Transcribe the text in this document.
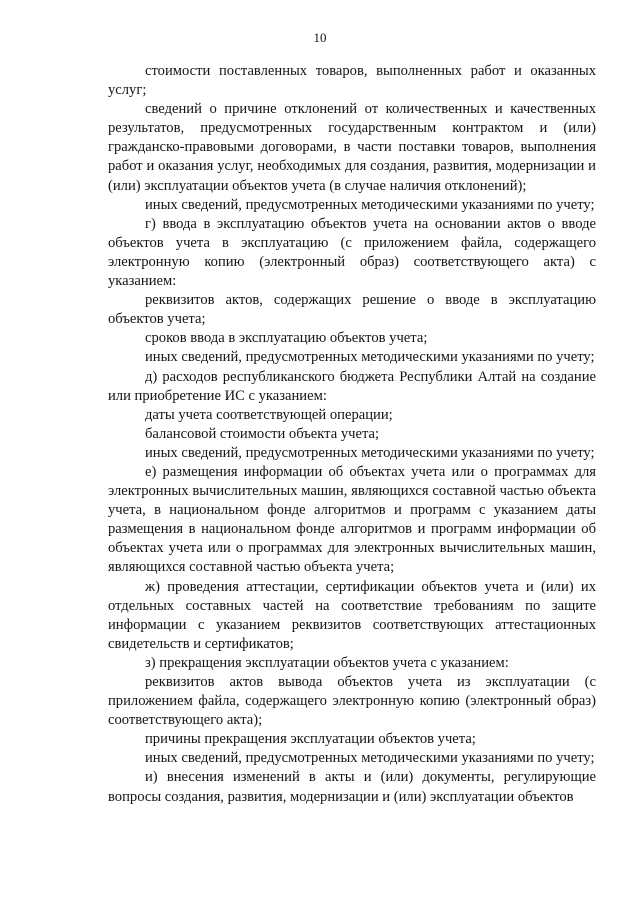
10

стоимости поставленных товаров, выполненных работ и оказанных услуг;

сведений о причине отклонений от количественных и качественных результатов, предусмотренных государственным контрактом и (или) гражданско-правовыми договорами, в части поставки товаров, выполнения работ и оказания услуг, необходимых для создания, развития, модернизации и (или) эксплуатации объектов учета (в случае наличия отклонений);

иных сведений, предусмотренных методическими указаниями по учету;

г) ввода в эксплуатацию объектов учета на основании актов о вводе объектов учета в эксплуатацию (с приложением файла, содержащего электронную копию (электронный образ) соответствующего акта) с указанием:

реквизитов актов, содержащих решение о вводе в эксплуатацию объектов учета;

сроков ввода в эксплуатацию объектов учета;

иных сведений, предусмотренных методическими указаниями по учету;

д) расходов республиканского бюджета Республики Алтай на создание или приобретение ИС с указанием:

даты учета соответствующей операции;

балансовой стоимости объекта учета;

иных сведений, предусмотренных методическими указаниями по учету;

е) размещения информации об объектах учета или о программах для электронных вычислительных машин, являющихся составной частью объекта учета, в национальном фонде алгоритмов и программ с указанием даты размещения в национальном фонде алгоритмов и программ информации об объектах учета или о программах для электронных вычислительных машин, являющихся составной частью объекта учета;

ж) проведения аттестации, сертификации объектов учета и (или) их отдельных составных частей на соответствие требованиям по защите информации с указанием реквизитов соответствующих аттестационных свидетельств и сертификатов;

з) прекращения эксплуатации объектов учета с указанием:

реквизитов актов вывода объектов учета из эксплуатации (с приложением файла, содержащего электронную копию (электронный образ) соответствующего акта);

причины прекращения эксплуатации объектов учета;

иных сведений, предусмотренных методическими указаниями по учету;

и) внесения изменений в акты и (или) документы, регулирующие вопросы создания, развития, модернизации и (или) эксплуатации объектов
